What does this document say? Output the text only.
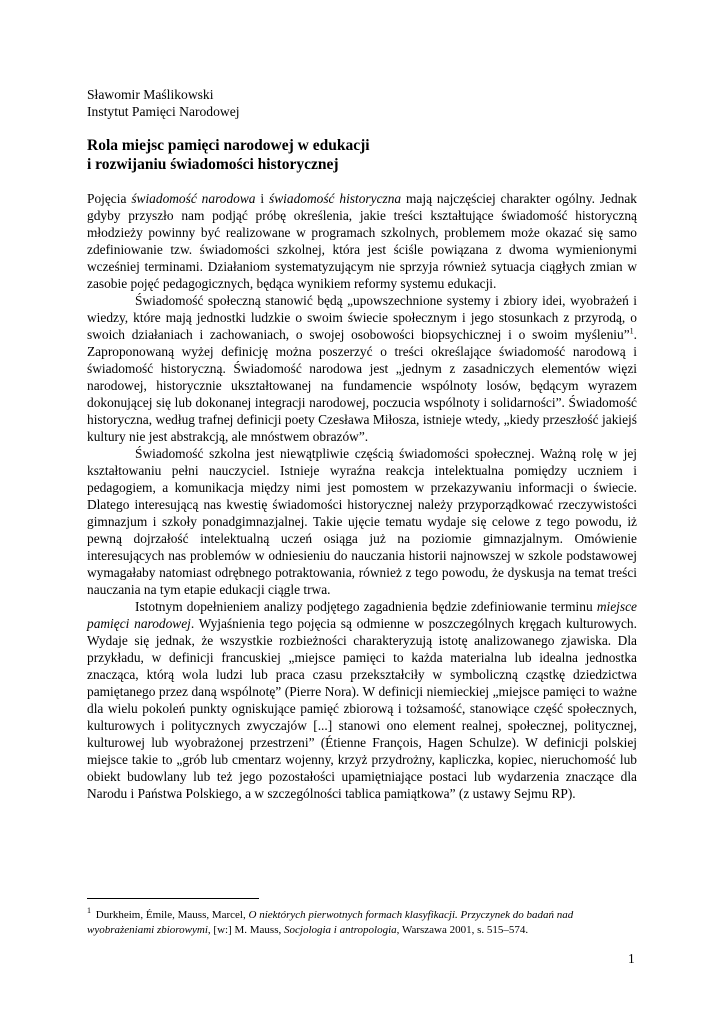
Sławomir Maślikowski
Instytut Pamięci Narodowej
Rola miejsc pamięci narodowej w edukacji
i rozwijaniu świadomości historycznej

Pojęcia świadomość narodowa i świadomość historyczna mają najczęściej charakter ogólny. Jednak gdyby przyszło nam podjąć próbę określenia, jakie treści kształtujące świadomość historyczną młodzieży powinny być realizowane w programach szkolnych, problemem może okazać się samo zdefiniowanie tzw. świadomości szkolnej, która jest ściśle powiązana z dwoma wymienionymi wcześniej terminami. Działaniom systematyzującym nie sprzyja również sytuacja ciągłych zmian w zasobie pojęć pedagogicznych, będąca wynikiem reformy systemu edukacji.

Świadomość społeczną stanowić będą „upowszechnione systemy i zbiory idei, wyobrażeń i wiedzy, które mają jednostki ludzkie o swoim świecie społecznym i jego stosunkach z przyrodą, o swoich działaniach i zachowaniach, o swojej osobowości biopsychicznej i o swoim myśleniu”$^1$. Zaproponowaną wyżej definicję można poszerzyć o treści określające świadomość narodową i świadomość historyczną. Świadomość narodowa jest „jednym z zasadniczych elementów więzi narodowej, historycznie ukształtowanej na fundamencie wspólnoty losów, będącym wyrazem dokonującej się lub dokonanej integracji narodowej, poczucia wspólnoty i solidarności”. Świadomość historyczna, według trafnej definicji poety Czesława Miłosza, istnieje wtedy, „kiedy przeszłość jakiejś kultury nie jest abstrakcją, ale mnóstwem obrazów”.

Świadomość szkolna jest niewątpliwie częścią świadomości społecznej. Ważną rolę w jej kształtowaniu pełni nauczyciel. Istnieje wyraźna reakcja intelektualna pomiędzy uczniem i pedagogiem, a komunikacja między nimi jest pomostem w przekazywaniu informacji o świecie. Dlatego interesującą nas kwestię świadomości historycznej należy przyporządkować rzeczywistości gimnazjum i szkoły ponadgimnazjalnej. Takie ujęcie tematu wydaje się celowe z tego powodu, iż pewną dojrzałość intelektualną uczeń osiąga już na poziomie gimnazjalnym. Omówienie interesujących nas problemów w odniesieniu do nauczania historii najnowszej w szkole podstawowej wymagałaby natomiast odrębnego potraktowania, również z tego powodu, że dyskusja na temat treści nauczania na tym etapie edukacji ciągle trwa.

Istotnym dopełnieniem analizy podjętego zagadnienia będzie zdefiniowanie terminu miejsce pamięci narodowej. Wyjaśnienia tego pojęcia są odmienne w poszczególnych kręgach kulturowych. Wydaje się jednak, że wszystkie rozbieżności charakteryzują istotę analizowanego zjawiska. Dla przykładu, w definicji francuskiej „miejsce pamięci to każda materialna lub idealna jednostka znacząca, którą wola ludzi lub praca czasu przekształciły w symboliczną cząstkę dziedzictwa pamiętanego przez daną wspólnotę” (Pierre Nora). W definicji niemieckiej „miejsce pamięci to ważne dla wielu pokoleń punkty ogniskujące pamięć zbiorową i tożsamość, stanowiące część społecznych, kulturowych i politycznych zwyczajów [...] stanowi ono element realnej, społecznej, politycznej, kulturowej lub wyobrażonej przestrzeni” (Étienne François, Hagen Schulze). W definicji polskiej miejsce takie to „grób lub cmentarz wojenny, krzyż przydrożny, kapliczka, kopiec, nieruchomość lub obiekt budowlany lub też jego pozostałości upamiętniające postaci lub wydarzenia znaczące dla Narodu i Państwa Polskiego, a w szczególności tablica pamiątkowa” (z ustawy Sejmu RP).

$^1$ Durkheim, Émile, Mauss, Marcel, O niektórych pierwotnych formach klasyfikacji. Przyczynek do badań nad wyobrażeniami zbiorowymi, [w:] M. Mauss, Socjologia i antropologia, Warszawa 2001, s. 515–574.
1
